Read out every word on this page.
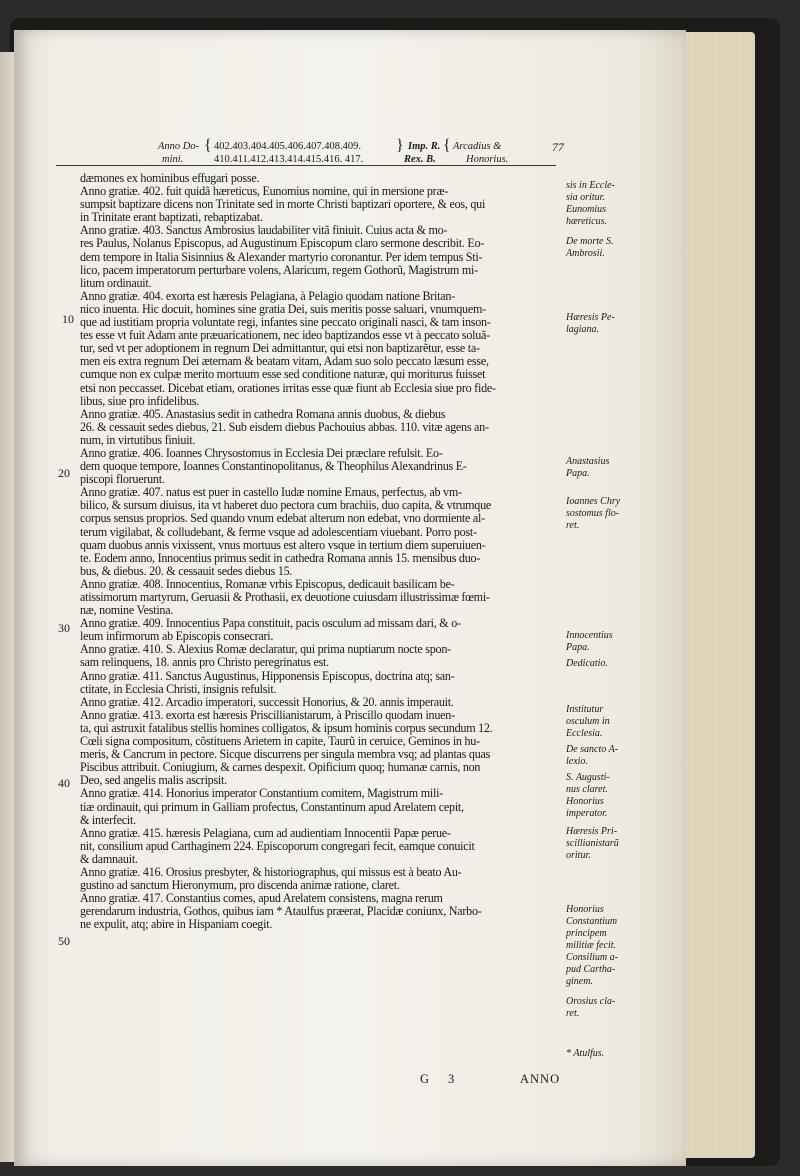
Anno Do-
mini.
{ 402.403.404.405.406.407.408.409.
410.411.412.413.414.415.416. 417.
} Imp. R.
Rex. B.
{ Arcadius &
Honorius.
77
dæmones ex hominibus effugari posse.
Anno gratiæ. 402. fuit quidã hæreticus, Eunomius nomine, qui in mersione præ-
sumpsit baptizare dicens non Trinitate sed in morte Christi baptizari oportere, & eos, qui
in Trinitate erant baptizati, rebaptizabat.
Anno gratiæ. 403. Sanctus Ambrosius laudabiliter vitã finiuit. Cuius acta & mo-
res Paulus, Nolanus Episcopus, ad Augustinum Episcopum claro sermone describit. Eo-
dem tempore in Italia Sisinnius & Alexander martyrio coronantur. Per idem tempus Sti-
lico, pacem imperatorum perturbare volens, Alaricum, regem Gothorũ, Magistrum mi-
litum ordinauit.
Anno gratiæ. 404. exorta est hæresis Pelagiana, à Pelagio quodam natione Britan-
nico inuenta. Hic docuit, homines sine gratia Dei, suis meritis posse saluari, vnumquem-
que ad iustitiam propria voluntate regi, infantes sine peccato originali nasci, & tam inson-
tes esse vt fuit Adam ante præuaricationem, nec ideo baptizandos esse vt à peccato soluã-
tur, sed vt per adoptionem in regnum Dei admittantur, qui etsi non baptizarẽtur, esse ta-
men eis extra regnum Dei æternam & beatam vitam, Adam suo solo peccato læsum esse,
cumque non ex culpæ merito mortuum esse sed conditione naturæ, qui moriturus fuisset
etsi non peccasset. Dicebat etiam, orationes irritas esse quæ fiunt ab Ecclesia siue pro fide-
libus, siue pro infidelibus.
Anno gratiæ. 405. Anastasius sedit in cathedra Romana annis duobus, & diebus
26. & cessauit sedes diebus, 21. Sub eisdem diebus Pachouius abbas. 110. vitæ agens an-
num, in virtutibus finiuit.
Anno gratiæ. 406. Ioannes Chrysostomus in Ecclesia Dei præclare refulsit. Eo-
dem quoque tempore, Ioannes Constantinopolitanus, & Theophilus Alexandrinus E-
piscopi floruerunt.
Anno gratiæ. 407. natus est puer in castello Iudæ nomine Emaus, perfectus, ab vm-
bilico, & sursum diuisus, ita vt haberet duo pectora cum brachiis, duo capita, & vtrumque
corpus sensus proprios. Sed quando vnum edebat alterum non edebat, vno dormiente al-
terum vigilabat, & colludebant, & ferme vsque ad adolescentiam viuebant. Porro post-
quam duobus annis vixissent, vnus mortuus est altero vsque in tertium diem superuiuen-
te. Eodem anno, Innocentius primus sedit in cathedra Romana annis 15. mensibus duo-
bus, & diebus. 20. & cessauit sedes diebus 15.
Anno gratiæ. 408. Innocentius, Romanæ vrbis Episcopus, dedicauit basilicam be-
atissimorum martyrum, Geruasii & Prothasii, ex deuotione cuiusdam illustrissimæ fœmi-
næ, nomine Vestina.
Anno gratiæ. 409. Innocentius Papa constituit, pacis osculum ad missam dari, & o-
leum infirmorum ab Episcopis consecrari.
Anno gratiæ. 410. S. Alexius Romæ declaratur, qui prima nuptiarum nocte spon-
sam relinquens, 18. annis pro Christo peregrinatus est.
Anno gratiæ. 411. Sanctus Augustinus, Hipponensis Episcopus, doctrina atq; san-
ctitate, in Ecclesia Christi, insignis refulsit.
Anno gratiæ. 412. Arcadio imperatori, successit Honorius, & 20. annis imperauit.
Anno gratiæ. 413. exorta est hæresis Priscillianistarum, à Priscillo quodam inuen-
ta, qui astruxit fatalibus stellis homines colligatos, & ipsum hominis corpus secundum 12.
Cœli signa compositum, cõstituens Arietem in capite, Taurũ in ceruice, Geminos in hu-
meris, & Cancrum in pectore. Sicque discurrens per singula membra vsq; ad plantas quas
Piscibus attribuit. Coniugium, & carnes despexit. Opificium quoq; humanæ carnis, non
Deo, sed angelis malis ascripsit.
Anno gratiæ. 414. Honorius imperator Constantium comitem, Magistrum mili-
tiæ ordinauit, qui primum in Galliam profectus, Constantinum apud Arelatem cepit,
& interfecit.
Anno gratiæ. 415. hæresis Pelagiana, cum ad audientiam Innocentii Papæ perue-
nit, consilium apud Carthaginem 224. Episcoporum congregari fecit, eamque conuicit
& damnauit.
Anno gratiæ. 416. Orosius presbyter, & historiographus, qui missus est à beato Au-
gustino ad sanctum Hieronymum, pro discenda animæ ratione, claret.
Anno gratiæ. 417. Constantius comes, apud Arelatem consistens, magna rerum
gerendarum industria, Gothos, quibus iam * Ataulfus præerat, Placidæ coniunx, Narbo-
ne expulit, atq; abire in Hispaniam coegit.
sis in Eccle-
sia oritur.
Eunomius
hæreticus.
De morte S.
Ambrosii.
Hæresis Pe-
lagiana.
Anastasius
Papa.
Ioannes Chry
sostomus flo-
ret.
Innocentius
Papa.
Dedicatio.
Institutur
osculum in
Ecclesia.
De sancto A-
lexio.
S. Augusti-
nus claret.
Honorius
imperator.
Hæresis Pri-
scillianistarũ
oritur.
Honorius
Constantium
principem
militiæ fecit.
Consilium a-
pud Cartha-
ginem.
Orosius cla-
ret.
* Atulfus.
10
20
30
40
50
G 3	ANNO
